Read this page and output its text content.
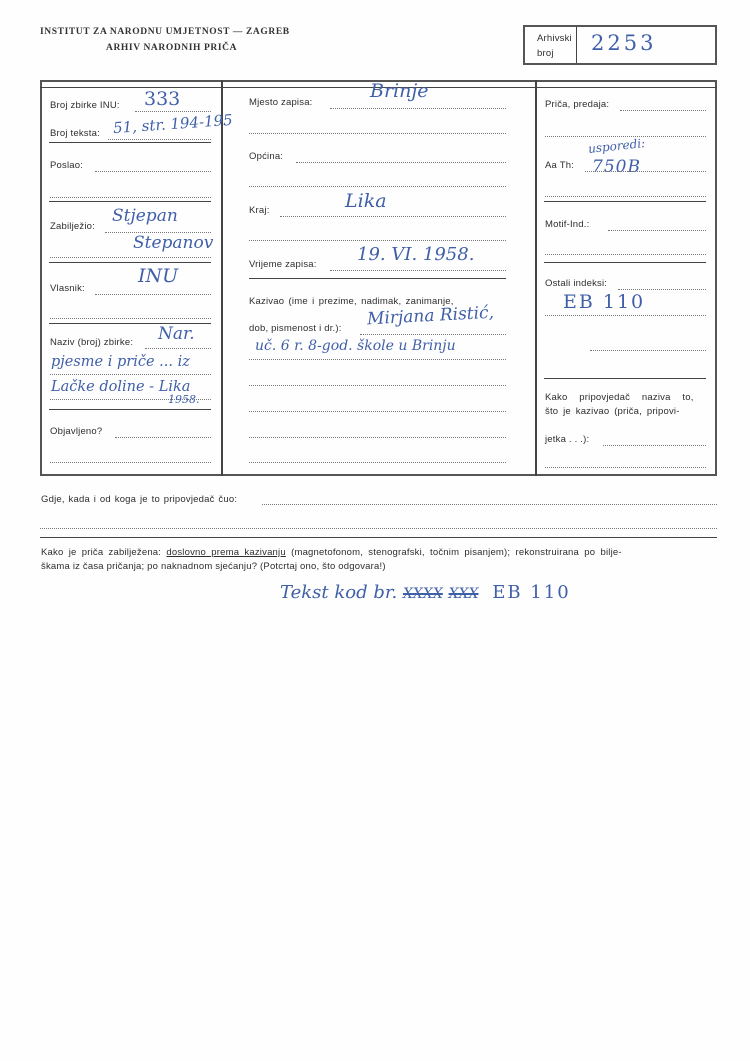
INSTITUT ZA NARODNU UMJETNOST — ZAGREB
ARHIV NARODNIH PRIČA
Arhivski
broj 2253
Broj zbirke INU: 333
Broj teksta: 51, str. 194-195
Poslao:
Zabilježio:
Stjepan
Stepanov
Vlasnik:
INU
Naziv (broj) zbirke: Nar.
pjesme i priče ... iz
Lačke doline - Lika
1958.
Objavljeno?
Mjesto zapisa:
Brinje
Općina:
Kraj:	Lika
Vrijeme zapisa: 19. VI. 1958.
Kazivao (ime i prezime, nadimak, zanimanje,
dob, pismenost i dr.): Mirjana Ristić,
uč. 6 r. 8-god. škole u Brinju
Priča, predaja:
usporedi:
Aa Th: 750B
Motif-Ind.:
Ostali indeksi:
EB 110
Kako pripovjedač naziva to,
što je kazivao (priča, pripovi-
jetka . . .):
Gdje, kada i od koga je to pripovjedač čuo:
Kako je priča zabilježena: doslovno prema kazivanju (magnetofonom, stenografski, točnim pisanjem); rekonstruirana po bilje-
škama iz časa pričanja; po naknadnom sjećanju? (Potcrtaj ono, što odgovara!)
Tekst kod br. XXXX XXX EB 110
